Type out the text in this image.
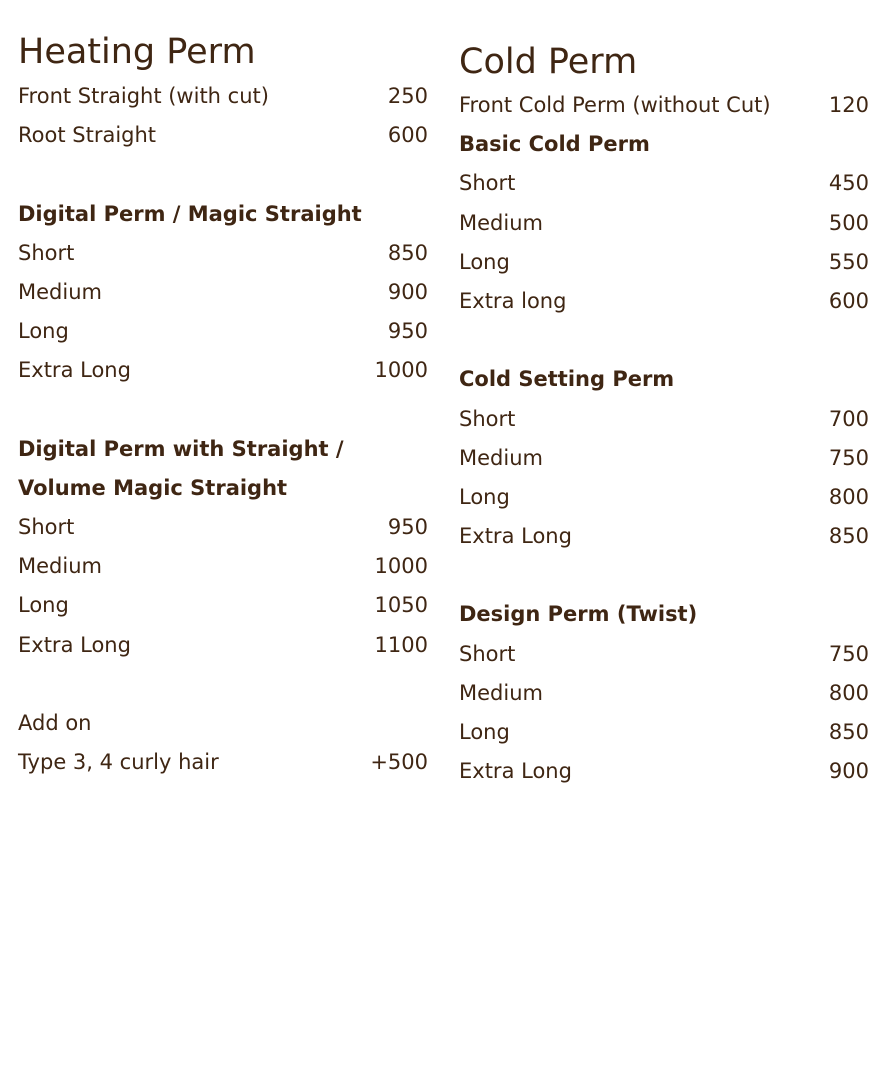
Heating Perm
Front Straight (with cut)	250
Root Straight	600
Digital Perm / Magic Straight
Short	850
Medium	900
Long	950
Extra Long	1000
Digital Perm with Straight /
Volume Magic Straight
Short	950
Medium	1000
Long	1050
Extra Long	1100
Add on
Type 3, 4 curly hair	+500
Cold Perm
Front Cold Perm (without Cut)	120
Basic Cold Perm
Short	450
Medium	500
Long	550
Extra long	600
Cold Setting Perm
Short	700
Medium	750
Long	800
Extra Long	850
Design Perm (Twist)
Short	750
Medium	800
Long	850
Extra Long	900
